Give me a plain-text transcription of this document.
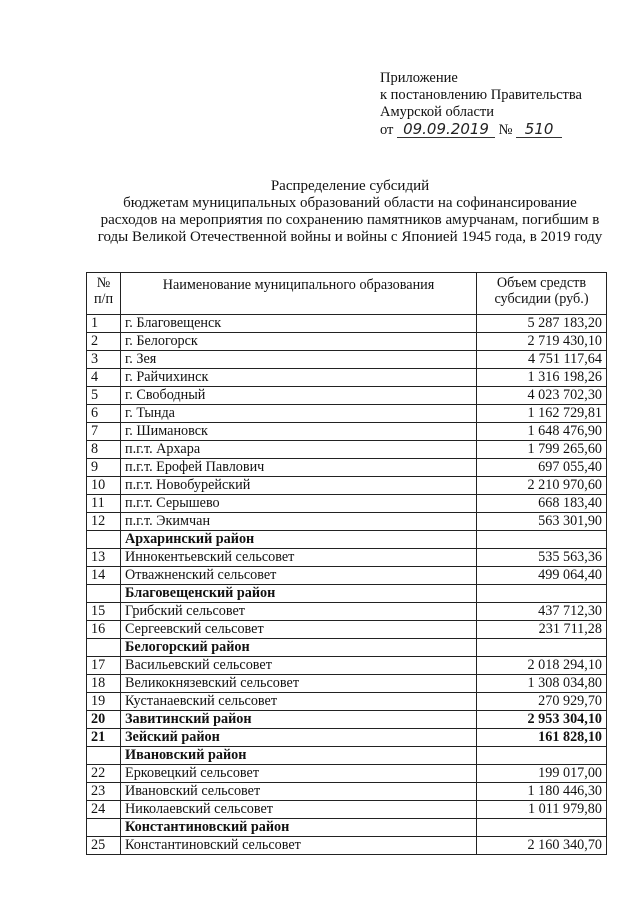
Приложение
к постановлению Правительства
Амурской области
от 09.09.2019 № 510
Распределение субсидий
бюджетам муниципальных образований области на софинансирование
расходов на мероприятия по сохранению памятников амурчанам, погибшим в
годы Великой Отечественной войны и войны с Японией 1945 года, в 2019 году
№ п/п	Наименование муниципального образования	Объем средств субсидии (руб.)
1	г. Благовещенск	5 287 183,20
2	г. Белогорск	2 719 430,10
3	г. Зея	4 751 117,64
4	г. Райчихинск	1 316 198,26
5	г. Свободный	4 023 702,30
6	г. Тында	1 162 729,81
7	г. Шимановск	1 648 476,90
8	п.г.т. Архара	1 799 265,60
9	п.г.т. Ерофей Павлович	697 055,40
10	п.г.т. Новобурейский	2 210 970,60
11	п.г.т. Серышево	668 183,40
12	п.г.т. Экимчан	563 301,90
	Архаринский район	
13	Иннокентьевский сельсовет	535 563,36
14	Отважненский сельсовет	499 064,40
	Благовещенский район	
15	Грибский сельсовет	437 712,30
16	Сергеевский сельсовет	231 711,28
	Белогорский район	
17	Васильевский сельсовет	2 018 294,10
18	Великокнязевский сельсовет	1 308 034,80
19	Кустанаевский сельсовет	270 929,70
20	Завитинский район	2 953 304,10
21	Зейский район	161 828,10
	Ивановский район	
22	Ерковецкий сельсовет	199 017,00
23	Ивановский сельсовет	1 180 446,30
24	Николаевский сельсовет	1 011 979,80
	Константиновский район	
25	Константиновский сельсовет	2 160 340,70
